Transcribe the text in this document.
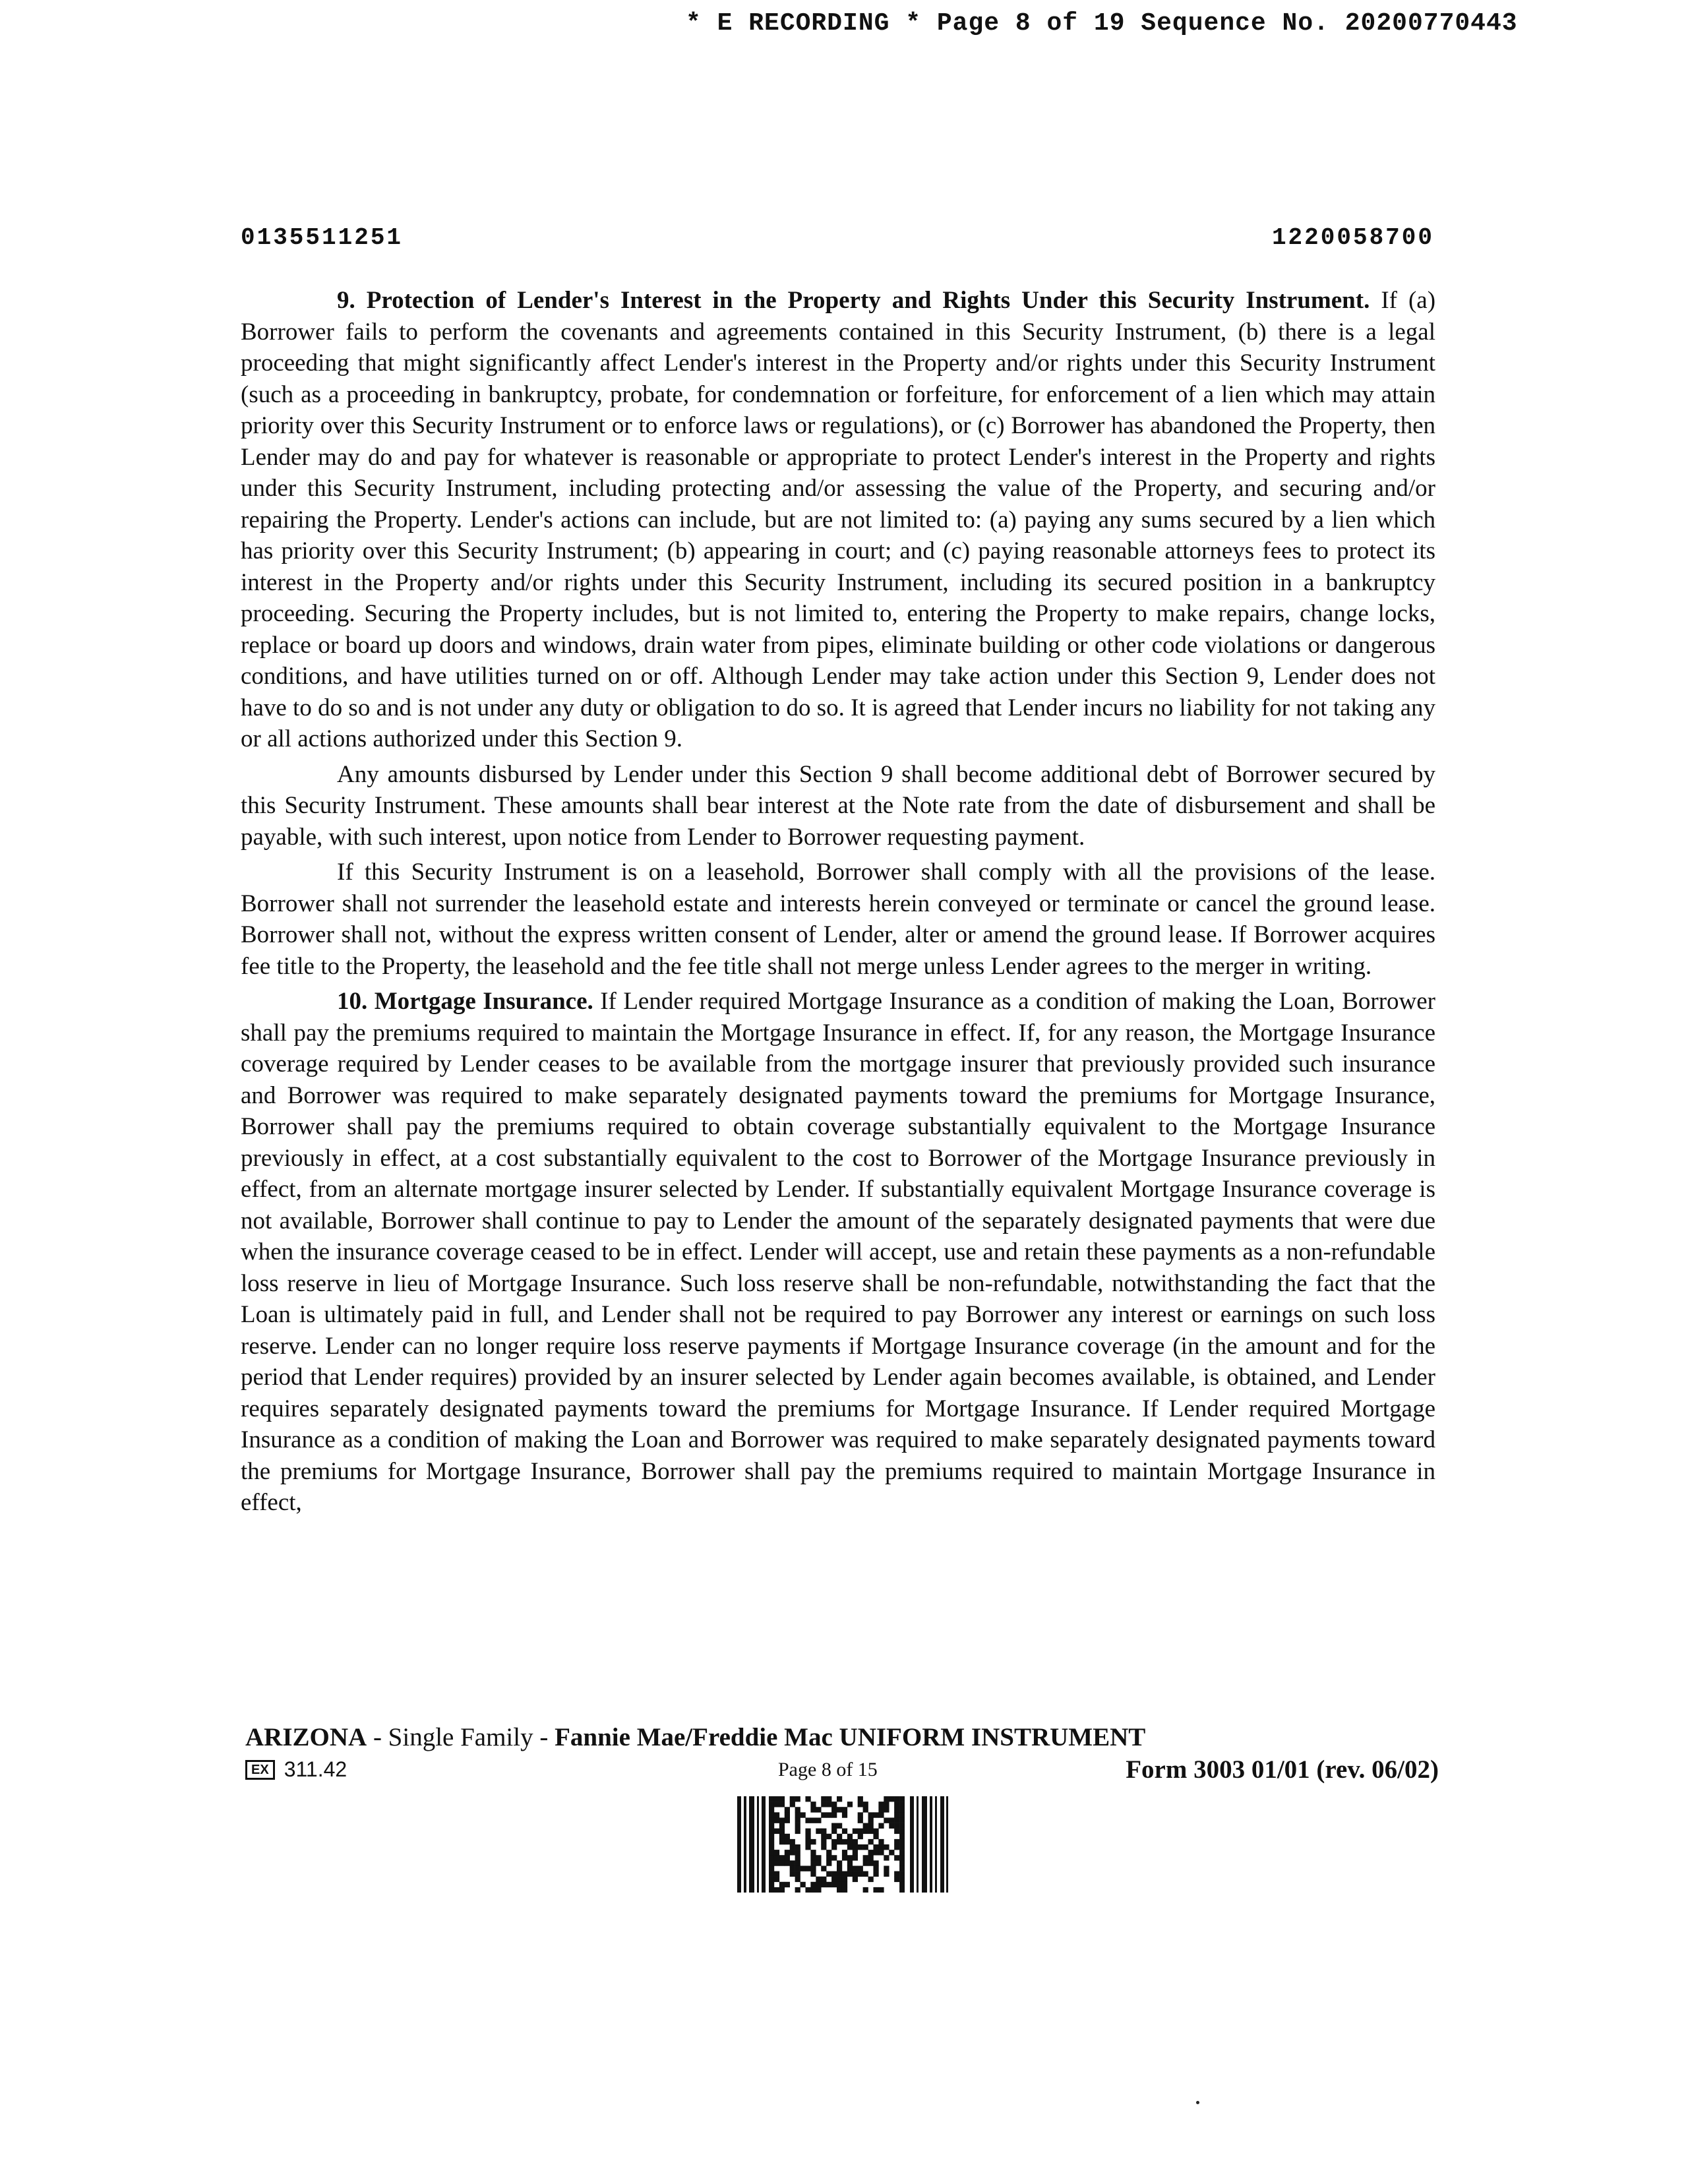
* E RECORDING * Page 8 of 19 Sequence No. 20200770443
0135511251	1220058700

9. Protection of Lender's Interest in the Property and Rights Under this Security Instrument. If (a) Borrower fails to perform the covenants and agreements contained in this Security Instrument, (b) there is a legal proceeding that might significantly affect Lender's interest in the Property and/or rights under this Security Instrument (such as a proceeding in bankruptcy, probate, for condemnation or forfeiture, for enforcement of a lien which may attain priority over this Security Instrument or to enforce laws or regulations), or (c) Borrower has abandoned the Property, then Lender may do and pay for whatever is reasonable or appropriate to protect Lender's interest in the Property and rights under this Security Instrument, including protecting and/or assessing the value of the Property, and securing and/or repairing the Property. Lender's actions can include, but are not limited to: (a) paying any sums secured by a lien which has priority over this Security Instrument; (b) appearing in court; and (c) paying reasonable attorneys fees to protect its interest in the Property and/or rights under this Security Instrument, including its secured position in a bankruptcy proceeding. Securing the Property includes, but is not limited to, entering the Property to make repairs, change locks, replace or board up doors and windows, drain water from pipes, eliminate building or other code violations or dangerous conditions, and have utilities turned on or off. Although Lender may take action under this Section 9, Lender does not have to do so and is not under any duty or obligation to do so. It is agreed that Lender incurs no liability for not taking any or all actions authorized under this Section 9.

Any amounts disbursed by Lender under this Section 9 shall become additional debt of Borrower secured by this Security Instrument. These amounts shall bear interest at the Note rate from the date of disbursement and shall be payable, with such interest, upon notice from Lender to Borrower requesting payment.

If this Security Instrument is on a leasehold, Borrower shall comply with all the provisions of the lease. Borrower shall not surrender the leasehold estate and interests herein conveyed or terminate or cancel the ground lease. Borrower shall not, without the express written consent of Lender, alter or amend the ground lease. If Borrower acquires fee title to the Property, the leasehold and the fee title shall not merge unless Lender agrees to the merger in writing.

10. Mortgage Insurance. If Lender required Mortgage Insurance as a condition of making the Loan, Borrower shall pay the premiums required to maintain the Mortgage Insurance in effect. If, for any reason, the Mortgage Insurance coverage required by Lender ceases to be available from the mortgage insurer that previously provided such insurance and Borrower was required to make separately designated payments toward the premiums for Mortgage Insurance, Borrower shall pay the premiums required to obtain coverage substantially equivalent to the Mortgage Insurance previously in effect, at a cost substantially equivalent to the cost to Borrower of the Mortgage Insurance previously in effect, from an alternate mortgage insurer selected by Lender. If substantially equivalent Mortgage Insurance coverage is not available, Borrower shall continue to pay to Lender the amount of the separately designated payments that were due when the insurance coverage ceased to be in effect. Lender will accept, use and retain these payments as a non-refundable loss reserve in lieu of Mortgage Insurance. Such loss reserve shall be non-refundable, notwithstanding the fact that the Loan is ultimately paid in full, and Lender shall not be required to pay Borrower any interest or earnings on such loss reserve. Lender can no longer require loss reserve payments if Mortgage Insurance coverage (in the amount and for the period that Lender requires) provided by an insurer selected by Lender again becomes available, is obtained, and Lender requires separately designated payments toward the premiums for Mortgage Insurance. If Lender required Mortgage Insurance as a condition of making the Loan and Borrower was required to make separately designated payments toward the premiums for Mortgage Insurance, Borrower shall pay the premiums required to maintain Mortgage Insurance in effect,

ARIZONA - Single Family - Fannie Mae/Freddie Mac UNIFORM INSTRUMENT
EX 311.42	Page 8 of 15	Form 3003 01/01 (rev. 06/02)
